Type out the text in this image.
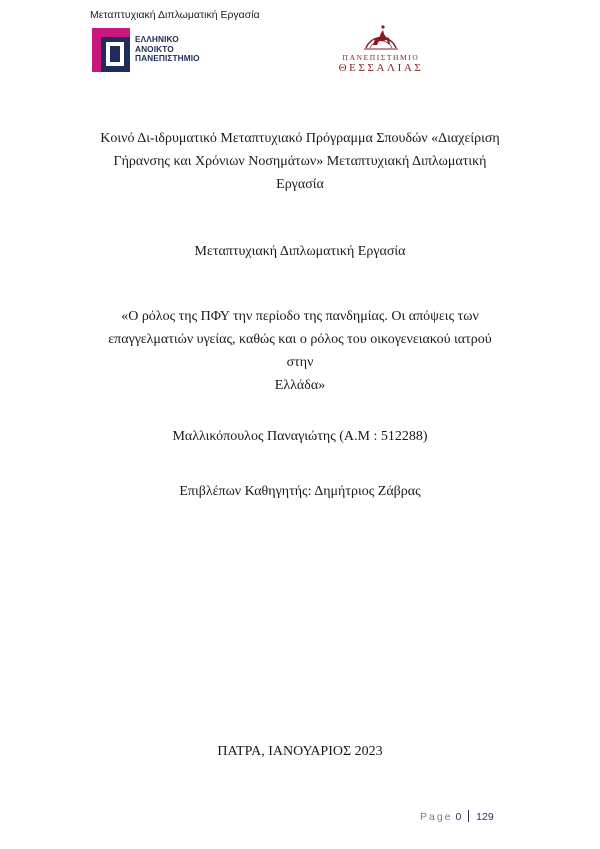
Μεταπτυχιακή Διπλωματική Εργασία
ΕΛΛΗΝΙΚΟ
ΑΝΟΙΚΤΟ
ΠΑΝΕΠΙΣΤΗΜΙΟ	ΠΑΝΕΠΙΣΤΗΜΙΟ
ΘΕΣΣΑΛΙΑΣ
Κοινό Δι-ιδρυματικό Μεταπτυχιακό Πρόγραμμα Σπουδών «Διαχείριση
Γήρανσης και Χρόνιων Νοσημάτων» Μεταπτυχιακή Διπλωματική
Εργασία
Μεταπτυχιακή Διπλωματική Εργασία
«Ο ρόλος της ΠΦΥ την περίοδο της πανδημίας. Οι απόψεις των
επαγγελματιών υγείας, καθώς και ο ρόλος του οικογενειακού ιατρού στην
Ελλάδα»
Μαλλικόπουλος Παναγιώτης (Α.Μ : 512288)
Επιβλέπων Καθηγητής: Δημήτριος Ζάβρας
ΠΑΤΡΑ, ΙΑΝΟΥΑΡΙΟΣ 2023
Page 0 129
